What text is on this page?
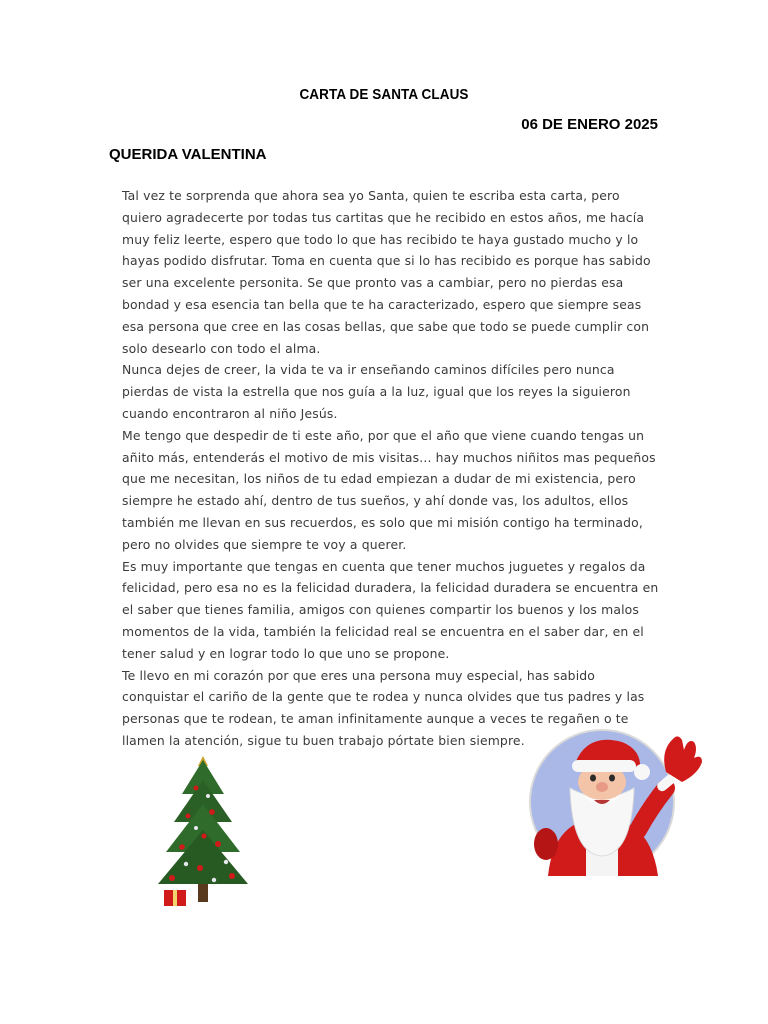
CARTA DE SANTA CLAUS
06 DE ENERO 2025
QUERIDA VALENTINA

Tal vez te sorprenda que ahora sea yo Santa, quien te escriba esta carta, pero quiero agradecerte por todas tus cartitas que he recibido en estos años, me hacía muy feliz leerte, espero que todo lo que has recibido te haya gustado mucho y lo hayas podido disfrutar. Toma en cuenta que si lo has recibido es porque has sabido ser una excelente personita. Se que pronto vas a cambiar, pero no pierdas esa bondad y esa esencia tan bella que te ha caracterizado, espero que siempre seas esa persona que cree en las cosas bellas, que sabe que todo se puede cumplir con solo desearlo con todo el alma.

Nunca dejes de creer, la vida te va ir enseñando caminos difíciles pero nunca pierdas de vista la estrella que nos guía a la luz, igual que los reyes la siguieron cuando encontraron al niño Jesús.

Me tengo que despedir de ti este año, por que el año que viene cuando tengas un añito más, entenderás el motivo de mis visitas... hay muchos niñitos mas pequeños que me necesitan, los niños de tu edad empiezan a dudar de mi existencia, pero siempre he estado ahí, dentro de tus sueños, y ahí donde vas, los adultos, ellos también me llevan en sus recuerdos, es solo que mi misión contigo ha terminado, pero no olvides que siempre te voy a querer.

Es muy importante que tengas en cuenta que tener muchos juguetes y regalos da felicidad, pero esa no es la felicidad duradera, la felicidad duradera se encuentra en el saber que tienes familia, amigos con quienes compartir los buenos y los malos momentos de la vida, también la felicidad real se encuentra en el saber dar, en el tener salud y en lograr todo lo que uno se propone.

Te llevo en mi corazón por que eres una persona muy especial, has sabido conquistar el cariño de la gente que te rodea y nunca olvides que tus padres y las personas que te rodean, te aman infinitamente aunque a veces te regañen o te llamen la atención, sigue tu buen trabajo pórtate bien siempre.
